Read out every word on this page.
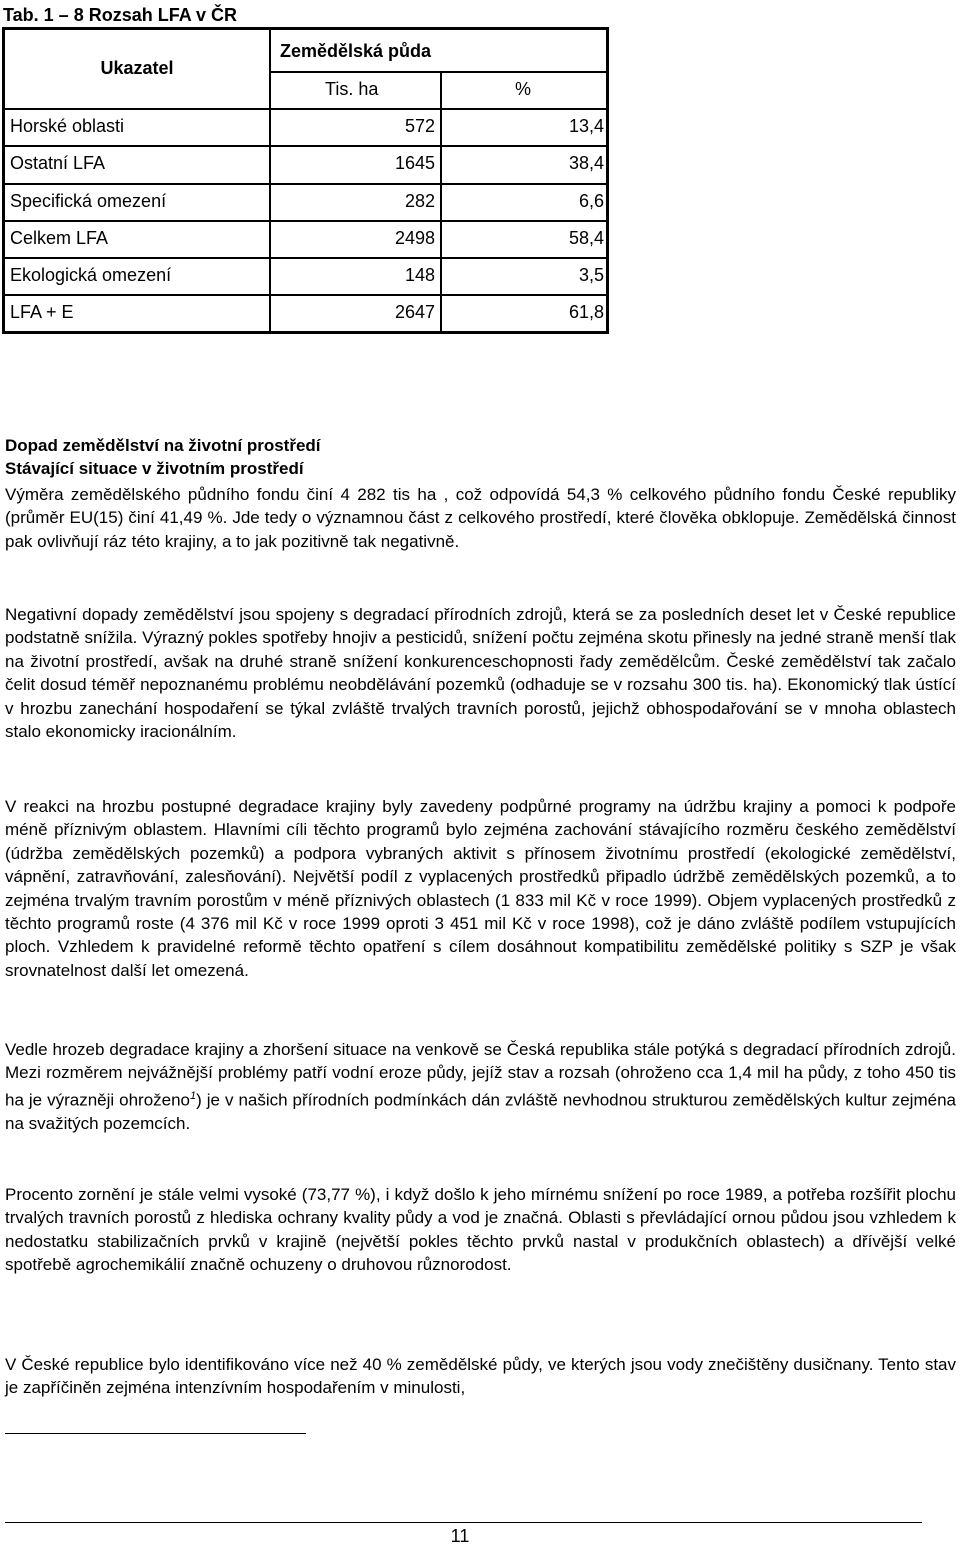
Tab. 1 – 8 Rozsah LFA v ČR
Ukazatel
Zemědělská půda
Tis. ha	%
Horské oblasti	572	13,4
Ostatní LFA	1645	38,4
Specifická omezení	282	6,6
Celkem LFA	2498	58,4
Ekologická omezení	148	3,5
LFA + E	2647	61,8
Dopad zemědělství na životní prostředí
Stávající situace v životním prostředí

Výměra zemědělského půdního fondu činí 4 282 tis ha , což odpovídá 54,3 % celkového půdního fondu České republiky (průměr EU(15) činí 41,49 %. Jde tedy o významnou část z celkového prostředí, které člověka obklopuje. Zemědělská činnost pak ovlivňují ráz této krajiny, a to jak pozitivně tak negativně.

Negativní dopady zemědělství jsou spojeny s degradací přírodních zdrojů, která se za posledních deset let v České republice podstatně snížila. Výrazný pokles spotřeby hnojiv a pesticidů, snížení počtu zejména skotu přinesly na jedné straně menší tlak na životní prostředí, avšak na druhé straně snížení konkurenceschopnosti řady zemědělcům. České zemědělství tak začalo čelit dosud téměř nepoznanému problému neobdělávání pozemků (odhaduje se v rozsahu 300 tis. ha). Ekonomický tlak ústící v hrozbu zanechání hospodaření se týkal zvláště trvalých travních porostů, jejichž obhospodařování se v mnoha oblastech stalo ekonomicky iracionálním.

V reakci na hrozbu postupné degradace krajiny byly zavedeny podpůrné programy na údržbu krajiny a pomoci k podpoře méně příznivým oblastem. Hlavními cíli těchto programů bylo zejména zachování stávajícího rozměru českého zemědělství (údržba zemědělských pozemků) a podpora vybraných aktivit s přínosem životnímu prostředí (ekologické zemědělství, vápnění, zatravňování, zalesňování). Největší podíl z vyplacených prostředků připadlo údržbě zemědělských pozemků, a to zejména trvalým travním porostům v méně příznivých oblastech (1 833 mil Kč v roce 1999). Objem vyplacených prostředků z těchto programů roste (4 376 mil Kč v roce 1999 oproti 3 451 mil Kč v roce 1998), což je dáno zvláště podílem vstupujících ploch. Vzhledem k pravidelné reformě těchto opatření s cílem dosáhnout kompatibilitu zemědělské politiky s SZP je však srovnatelnost další let omezená.

Vedle hrozeb degradace krajiny a zhoršení situace na venkově se Česká republika stále potýká s degradací přírodních zdrojů. Mezi rozměrem nejvážnější problémy patří vodní eroze půdy, jejíž stav a rozsah (ohroženo cca 1,4 mil ha půdy, z toho 450 tis ha je výrazněji ohroženo$^1$) je v našich přírodních podmínkách dán zvláště nevhodnou strukturou zemědělských kultur zejména na svažitých pozemcích.

Procento zornění je stále velmi vysoké (73,77 %), i když došlo k jeho mírnému snížení po roce 1989, a potřeba rozšířit plochu trvalých travních porostů z hlediska ochrany kvality půdy a vod je značná. Oblasti s převládající ornou půdou jsou vzhledem k nedostatku stabilizačních prvků v krajině (největší pokles těchto prvků nastal v produkčních oblastech) a dřívější velké spotřebě agrochemikálií značně ochuzeny o druhovou různorodost.

V České republice bylo identifikováno více než 40 % zemědělské půdy, ve kterých jsou vody znečištěny dusičnany. Tento stav je zapříčiněn zejména intenzívním hospodařením v minulosti,

11
